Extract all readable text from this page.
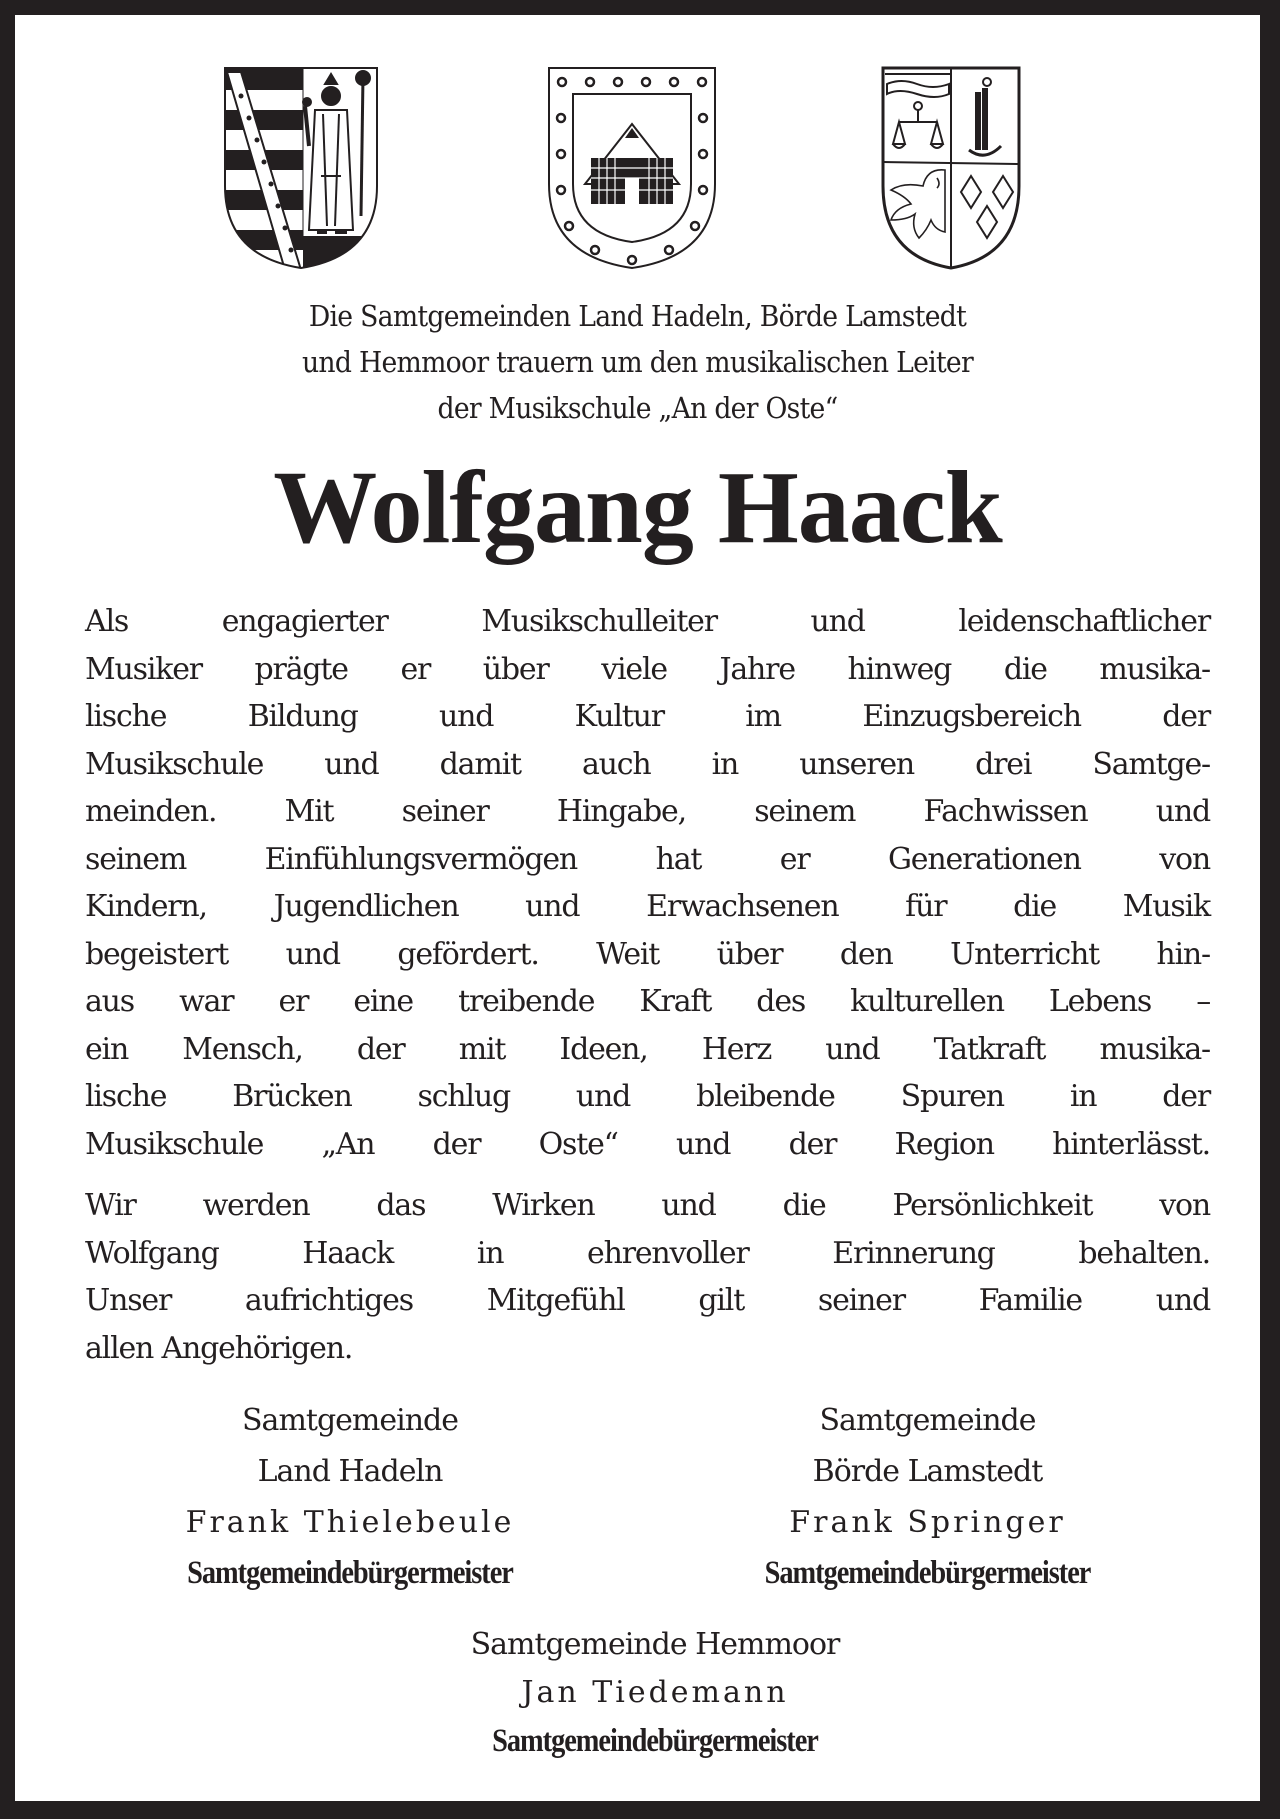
Die Samtgemeinden Land Hadeln, Börde Lamstedt
und Hemmoor trauern um den musikalischen Leiter
der Musikschule „An der Oste“
Wolfgang Haack
Als engagierter Musikschulleiter und leidenschaftlicher
Musiker prägte er über viele Jahre hinweg die musika-
lische Bildung und Kultur im Einzugsbereich der
Musikschule und damit auch in unseren drei Samtge-
meinden. Mit seiner Hingabe, seinem Fachwissen und
seinem Einfühlungsvermögen hat er Generationen von
Kindern, Jugendlichen und Erwachsenen für die Musik
begeistert und gefördert. Weit über den Unterricht hin-
aus war er eine treibende Kraft des kulturellen Lebens –
ein Mensch, der mit Ideen, Herz und Tatkraft musika-
lische Brücken schlug und bleibende Spuren in der
Musikschule „An der Oste“ und der Region hinterlässt.
Wir werden das Wirken und die Persönlichkeit von
Wolfgang Haack in ehrenvoller Erinnerung behalten.
Unser aufrichtiges Mitgefühl gilt seiner Familie und
allen Angehörigen.
Samtgemeinde
Land Hadeln
Frank Thielebeule
Samtgemeindebürgermeister
Samtgemeinde
Börde Lamstedt
Frank Springer
Samtgemeindebürgermeister
Samtgemeinde Hemmoor
Jan Tiedemann
Samtgemeindebürgermeister
